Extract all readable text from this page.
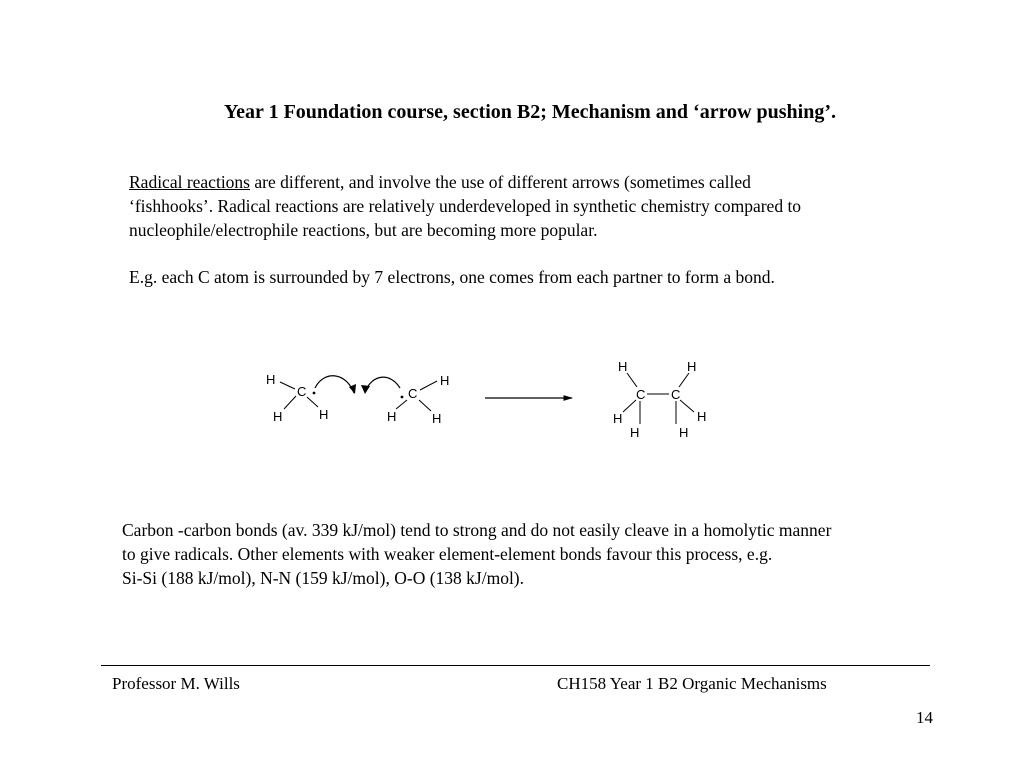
Year 1 Foundation course, section B2; Mechanism and ‘arrow pushing’.

Radical reactions are different, and involve the use of different arrows (sometimes called
‘fishhooks’. Radical reactions are relatively underdeveloped in synthetic chemistry compared to
nucleophile/electrophile reactions, but are becoming more popular.

E.g. each C atom is surrounded by 7 electrons, one comes from each partner to form a bond.

H
C
H	H
C
H
H	H
H	H
C C
H	H
H	H

Carbon -carbon bonds (av. 339 kJ/mol) tend to strong and do not easily cleave in a homolytic manner
to give radicals. Other elements with weaker element-element bonds favour this process, e.g.
Si-Si (188 kJ/mol), N-N (159 kJ/mol), O-O (138 kJ/mol).

Professor M. Wills	CH158 Year 1 B2 Organic Mechanisms

14
